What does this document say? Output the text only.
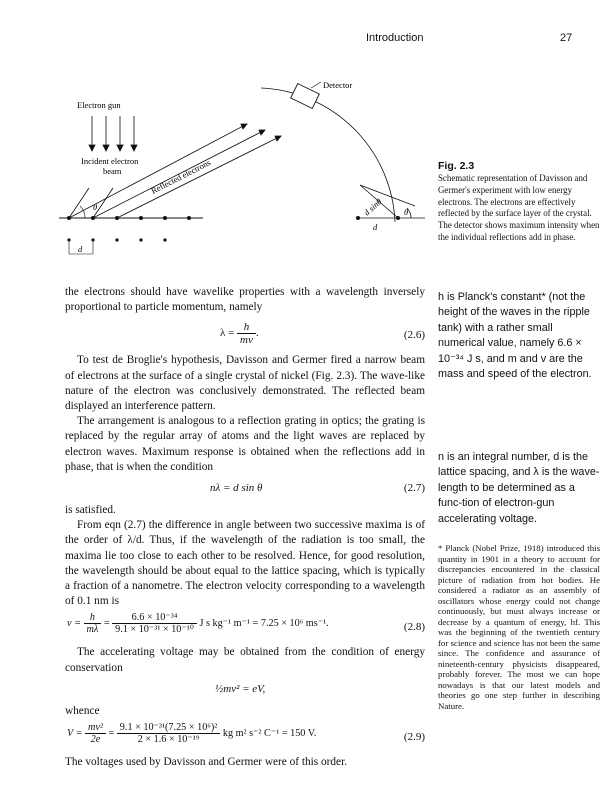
Introduction	27
Detector
Electron gun
Incident electron
beam	Reflected electrons
θ
d
d sinθ θ
d
Fig. 2.3
Schematic representation of Davisson and Germer's experiment with low energy electrons. The electrons are effectively reflected by the surface layer of the crystal. The detector shows maximum intensity when the individual reflections add in phase.

the electrons should have wavelike properties with a wavelength inversely proportional to particle momentum, namely

$\lambda = \frac{h}{mv}$ .	(2.6)

To test de Broglie's hypothesis, Davisson and Germer fired a narrow beam of electrons at the surface of a single crystal of nickel (Fig. 2.3). The wave-like nature of the electron was conclusively demonstrated. The reflected beam displayed an interference pattern.

The arrangement is analogous to a reflection grating in optics; the grating is replaced by the regular array of atoms and the light waves are replaced by electron waves. Maximum response is obtained when the reflections add in phase, that is when the condition

nλ = d sin θ	(2.7)

is satisfied.

From eqn (2.7) the difference in angle between two successive maxima is of the order of λ/d. Thus, if the wavelength of the radiation is too small, the maxima lie too close to each other to be resolved. Hence, for good resolution, the wavelength should be about equal to the lattice spacing, which is typically a fraction of a nanometre. The electron velocity corresponding to a wavelength of 0.1 nm is

$v = \frac{h}{m\lambda} = \frac{\text{6.6 × 10⁻³⁴}}{\text{9.1 × 10⁻³¹ × 10⁻¹⁰}}$ J s kg⁻¹ m⁻¹ = 7.25 × 10⁶ ms⁻¹.	(2.8)

The accelerating voltage may be obtained from the condition of energy conservation

½mv² = eV,

whence

$V = \frac{\text{mv²}}{2e} = \frac{\text{9.1 × 10⁻³¹(7.25 × 10⁶)²}}{\text{2 × 1.6 × 10⁻¹⁹}}$ kg m² s⁻² C⁻¹ = 150 V.	(2.9)

The voltages used by Davisson and Germer were of this order.

h is Planck's constant* (not the height of the waves in the ripple tank) with a rather small numerical value, namely 6.6 × 10⁻³⁴ J s, and m and v are the mass and speed of the electron.
n is an integral number, d is the lattice spacing, and λ is the wave-length to be determined as a func-tion of electron-gun accelerating voltage.
* Planck (Nobel Prize, 1918) introduced this quantity in 1901 in a theory to account for discrepancies encountered in the classical picture of radiation from hot bodies. He considered a radiator as an assembly of oscillators whose energy could not change continuously, but must always increase or decrease by a quantum of energy, hf. This was the beginning of the twentieth century for science and science has not been the same since. The confidence and assurance of nineteenth-century physicists disappeared, probably forever. The most we can hope nowadays is that our latest models and theories go one step further in describing Nature.
